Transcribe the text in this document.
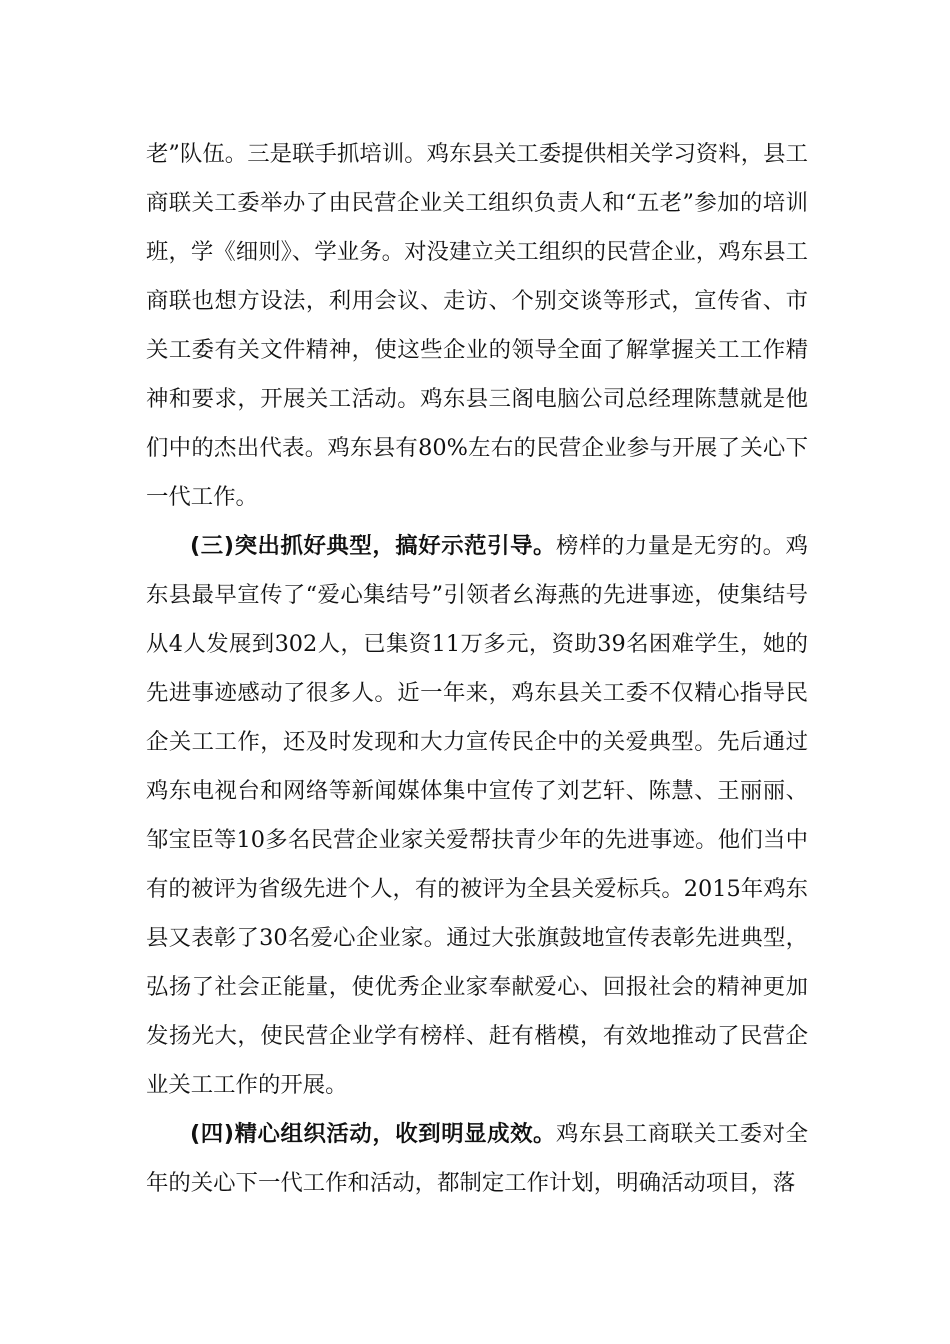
老”队伍。三是联手抓培训。鸡东县关工委提供相关学习资料，县工商联关工委举办了由民营企业关工组织负责人和“五老”参加的培训班，学《细则》、学业务。对没建立关工组织的民营企业，鸡东县工商联也想方设法，利用会议、走访、个别交谈等形式，宣传省、市关工委有关文件精神，使这些企业的领导全面了解掌握关工工作精神和要求，开展关工活动。鸡东县三阁电脑公司总经理陈慧就是他们中的杰出代表。鸡东县有80%左右的民营企业参与开展了关心下一代工作。

(三)突出抓好典型，搞好示范引导。榜样的力量是无穷的。鸡东县最早宣传了“爱心集结号”引领者幺海燕的先进事迹，使集结号从4人发展到302人，已集资11万多元，资助39名困难学生，她的先进事迹感动了很多人。近一年来，鸡东县关工委不仅精心指导民企关工工作，还及时发现和大力宣传民企中的关爱典型。先后通过鸡东电视台和网络等新闻媒体集中宣传了刘艺轩、陈慧、王丽丽、邹宝臣等10多名民营企业家关爱帮扶青少年的先进事迹。他们当中有的被评为省级先进个人，有的被评为全县关爱标兵。2015年鸡东县又表彰了30名爱心企业家。通过大张旗鼓地宣传表彰先进典型，弘扬了社会正能量，使优秀企业家奉献爱心、回报社会的精神更加发扬光大，使民营企业学有榜样、赶有楷模，有效地推动了民营企业关工工作的开展。

(四)精心组织活动，收到明显成效。鸡东县工商联关工委对全年的关心下一代工作和活动，都制定工作计划，明确活动项目，落
